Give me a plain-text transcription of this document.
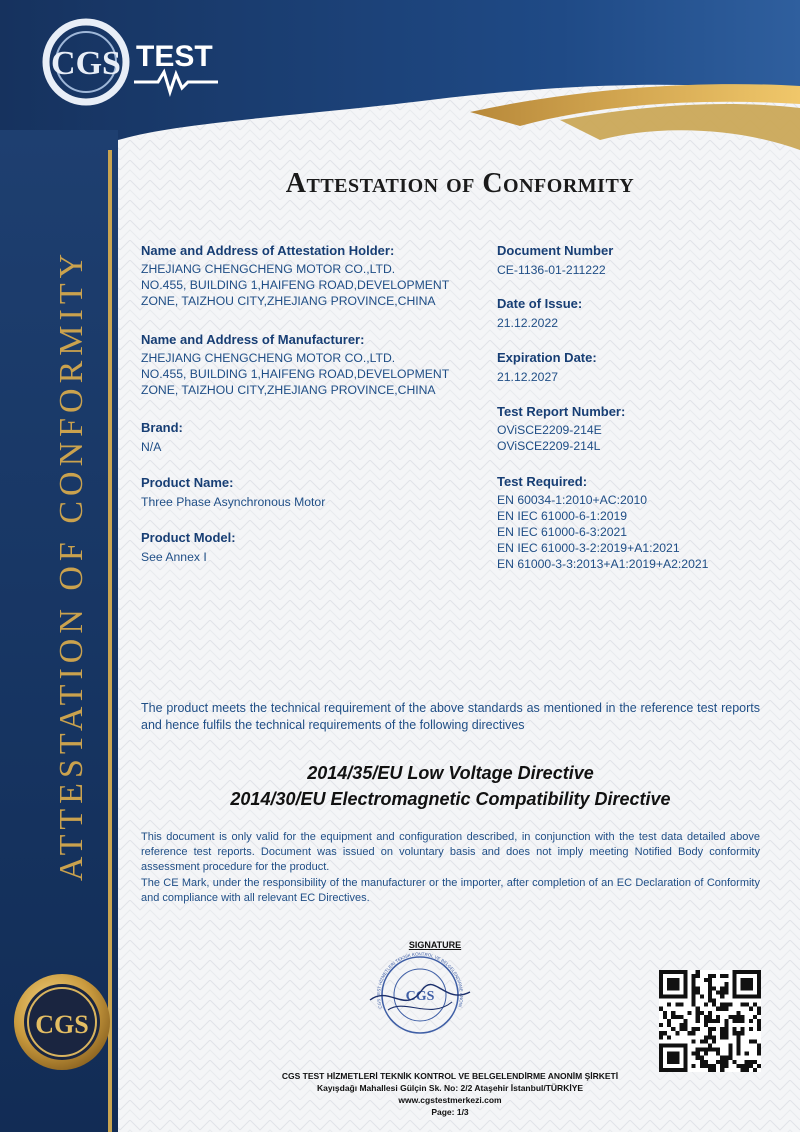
ATTESTATION OF CONFORMITY
CGS TEST
CGS
Attestation of Conformity
Name and Address of Attestation Holder:
ZHEJIANG CHENGCHENG MOTOR CO.,LTD.
NO.455, BUILDING 1,HAIFENG ROAD,DEVELOPMENT
ZONE, TAIZHOU CITY,ZHEJIANG PROVINCE,CHINA
Name and Address of Manufacturer:
ZHEJIANG CHENGCHENG MOTOR CO.,LTD.
NO.455, BUILDING 1,HAIFENG ROAD,DEVELOPMENT
ZONE, TAIZHOU CITY,ZHEJIANG PROVINCE,CHINA
Brand:
N/A
Product Name:
Three Phase Asynchronous Motor
Product Model:
See Annex I
Document Number
CE-1136-01-211222
Date of Issue:
21.12.2022
Expiration Date:
21.12.2027
Test Report Number:
OViSCE2209-214E
OViSCE2209-214L
Test Required:
EN 60034-1:2010+AC:2010
EN IEC 61000-6-1:2019
EN IEC 61000-6-3:2021
EN IEC 61000-3-2:2019+A1:2021
EN 61000-3-3:2013+A1:2019+A2:2021
The product meets the technical requirement of the above standards as mentioned in the reference test reports and hence fulfils the technical requirements of the following directives
2014/35/EU Low Voltage Directive
2014/30/EU Electromagnetic Compatibility Directive
This document is only valid for the equipment and configuration described, in conjunction with the test data detailed above reference test reports. Document was issued on voluntary basis and does not imply meeting Notified Body conformity assessment procedure for the product.
The CE Mark, under the responsibility of the manufacturer or the importer, after completion of an EC Declaration of Conformity and compliance with all relevant EC Directives.
SIGNATURE
CGS TEST HİZMETLERİ TEKNİK KONTROL VE BELGELENDİRME ANONİ
CGS
CGS TEST HİZMETLERİ TEKNİK KONTROL VE BELGELENDİRME ANONİM ŞİRKETİ
Kayışdağı Mahallesi Gülçin Sk. No: 2/2 Ataşehir İstanbul/TÜRKİYE
www.cgstestmerkezi.com
Page: 1/3
